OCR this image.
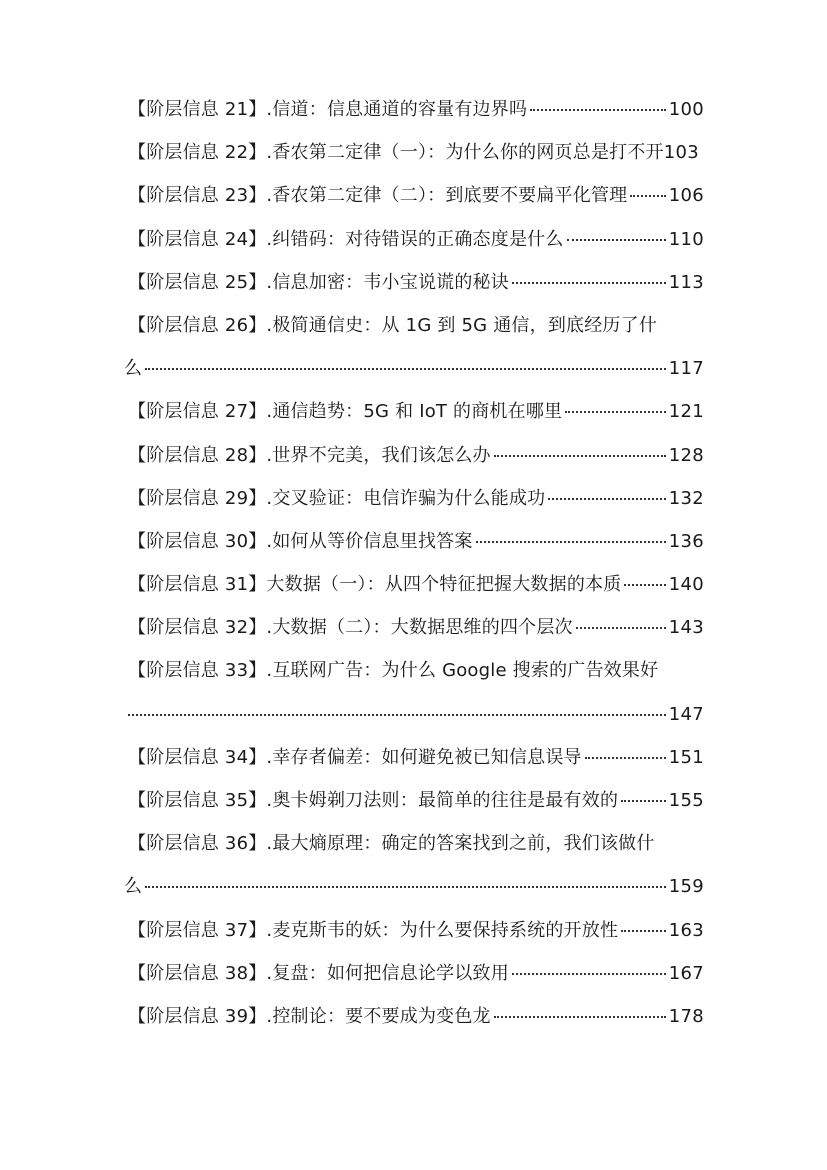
【阶层信息 21】.信道：信息通道的容量有边界吗	100
【阶层信息 22】.香农第二定律（一）：为什么你的网页总是打不开 103
【阶层信息 23】.香农第二定律（二）：到底要不要扁平化管理 106
【阶层信息 24】.纠错码：对待错误的正确态度是什么	110
【阶层信息 25】.信息加密：韦小宝说谎的秘诀	113
【阶层信息 26】.极简通信史：从 1G 到 5G 通信，到底经历了什
么	117
【阶层信息 27】.通信趋势：5G 和 IoT 的商机在哪里	121
【阶层信息 28】.世界不完美，我们该怎么办	128
【阶层信息 29】.交叉验证：电信诈骗为什么能成功	132
【阶层信息 30】.如何从等价信息里找答案	136
【阶层信息 31】大数据（一）：从四个特征把握大数据的本质	140
【阶层信息 32】.大数据（二）：大数据思维的四个层次	143
【阶层信息 33】.互联网广告：为什么 Google 搜索的广告效果好
147
【阶层信息 34】.幸存者偏差：如何避免被已知信息误导	151
【阶层信息 35】.奥卡姆剃刀法则：最简单的往往是最有效的	155
【阶层信息 36】.最大熵原理：确定的答案找到之前，我们该做什
么	159
【阶层信息 37】.麦克斯韦的妖：为什么要保持系统的开放性	163
【阶层信息 38】.复盘：如何把信息论学以致用	167
【阶层信息 39】.控制论：要不要成为变色龙	178
